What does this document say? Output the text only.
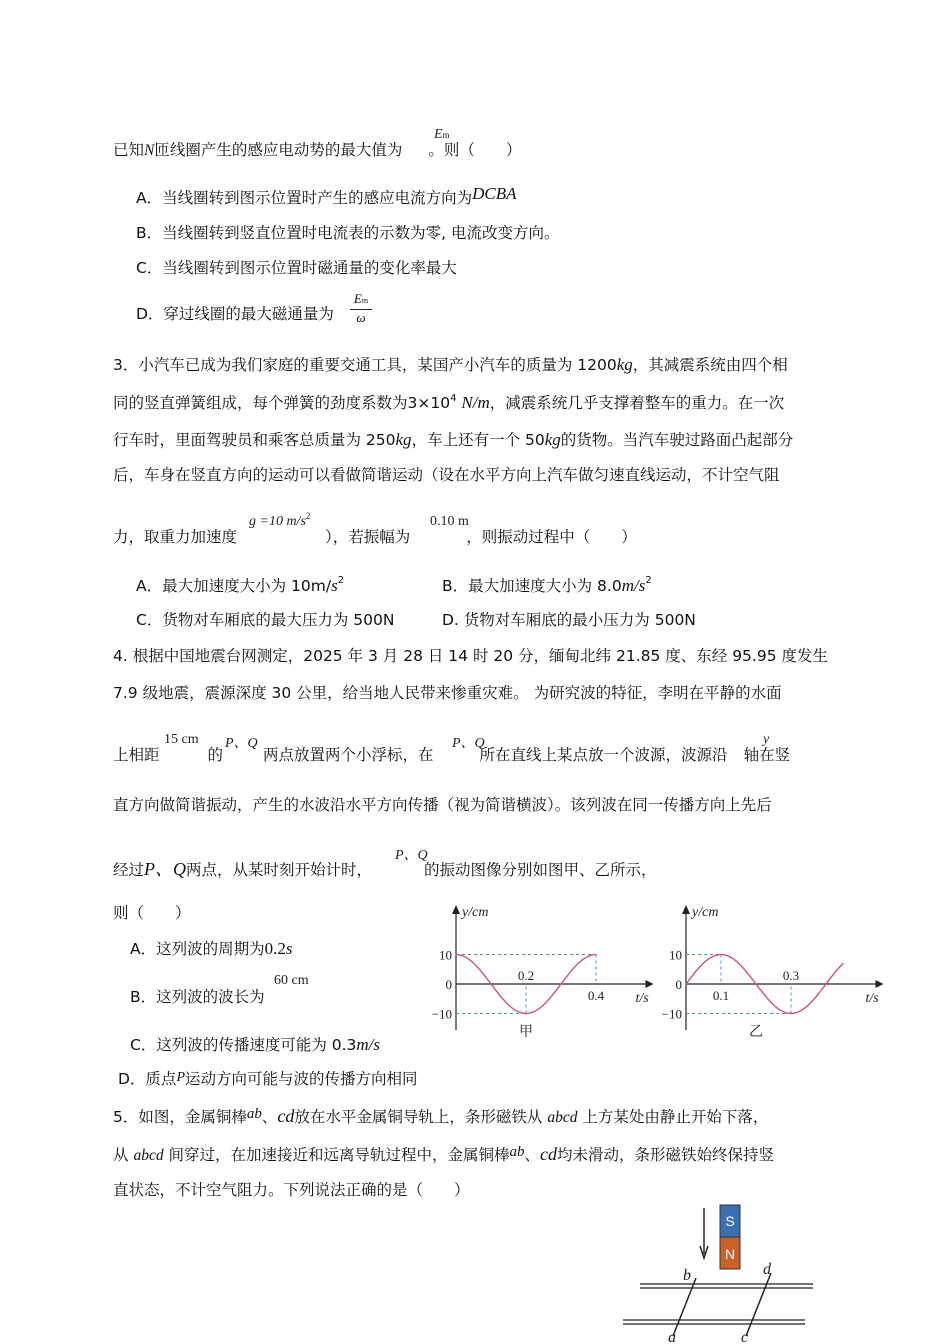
已知N匝线圈产生的感应电动势的最大值为 。则（　　）
Em
A．当线圈转到图示位置时产生的感应电流方向为DCBA
B．当线圈转到竖直位置时电流表的示数为零, 电流改变方向。
C．当线圈转到图示位置时磁通量的变化率最大
D．穿过线圈的最大磁通量为
Em
ω
3．小汽车已成为我们家庭的重要交通工具，某国产小汽车的质量为 1200kg，其减震系统由四个相
同的竖直弹簧组成，每个弹簧的劲度系数为$3\times 10^4$ N/m，减震系统几乎支撑着整车的重力。在一次
行车时，里面驾驶员和乘客总质量为 250kg，车上还有一个 50kg的货物。当汽车驶过路面凸起部分
后，车身在竖直方向的运动可以看做简谐运动（设在水平方向上汽车做匀速直线运动，不计空气阻
力，取重力加速度	），若振幅为	，则振动过程中（　　）
g =10 $m/s^2$	0.10 m
A．最大加速度大小为 $10m/s^2$	B．最大加速度大小为 $8.0m/s^2$
C．货物对车厢底的最大压力为 500N	D. 货物对车厢底的最小压力为 500N
4. 根据中国地震台网测定，2025 年 3 月 28 日 14 时 20 分，缅甸北纬 21.85 度、东经 95.95 度发生
7.9 级地震，震源深度 30 公里，给当地人民带来惨重灾难。 为研究波的特征，李明在平静的水面
上相距	的	两点放置两个小浮标，在	所在直线上某点放一个波源，波源沿 轴在竖
15 cm P、Q	P、Q	y
直方向做简谐振动，产生的水波沿水平方向传播（视为简谐横波）。该列波在同一传播方向上先后
经过P、Q两点，从某时刻开始计时，	的振动图像分别如图甲、乙所示，
P、Q
则（　　）
A．这列波的周期为0.2s
B．这列波的波长为
60 cm
C．这列波的传播速度可能为 0.3m/s
D．质点P运动方向可能与波的传播方向相同
y/cm
t/s
10
0
−10
0.2
0.4
甲
y/cm
t/s
10
0
−10
0.1
0.3
乙
5．如图，金属铜棒ab、cd放在水平金属铜导轨上，条形磁铁从 abcd 上方某处由静止开始下落，
从 abcd 间穿过，在加速接近和远离导轨过程中，金属铜棒ab、cd均未滑动，条形磁铁始终保持竖
直状态，不计空气阻力。下列说法正确的是（　　）
S
N
b	d
a	c
